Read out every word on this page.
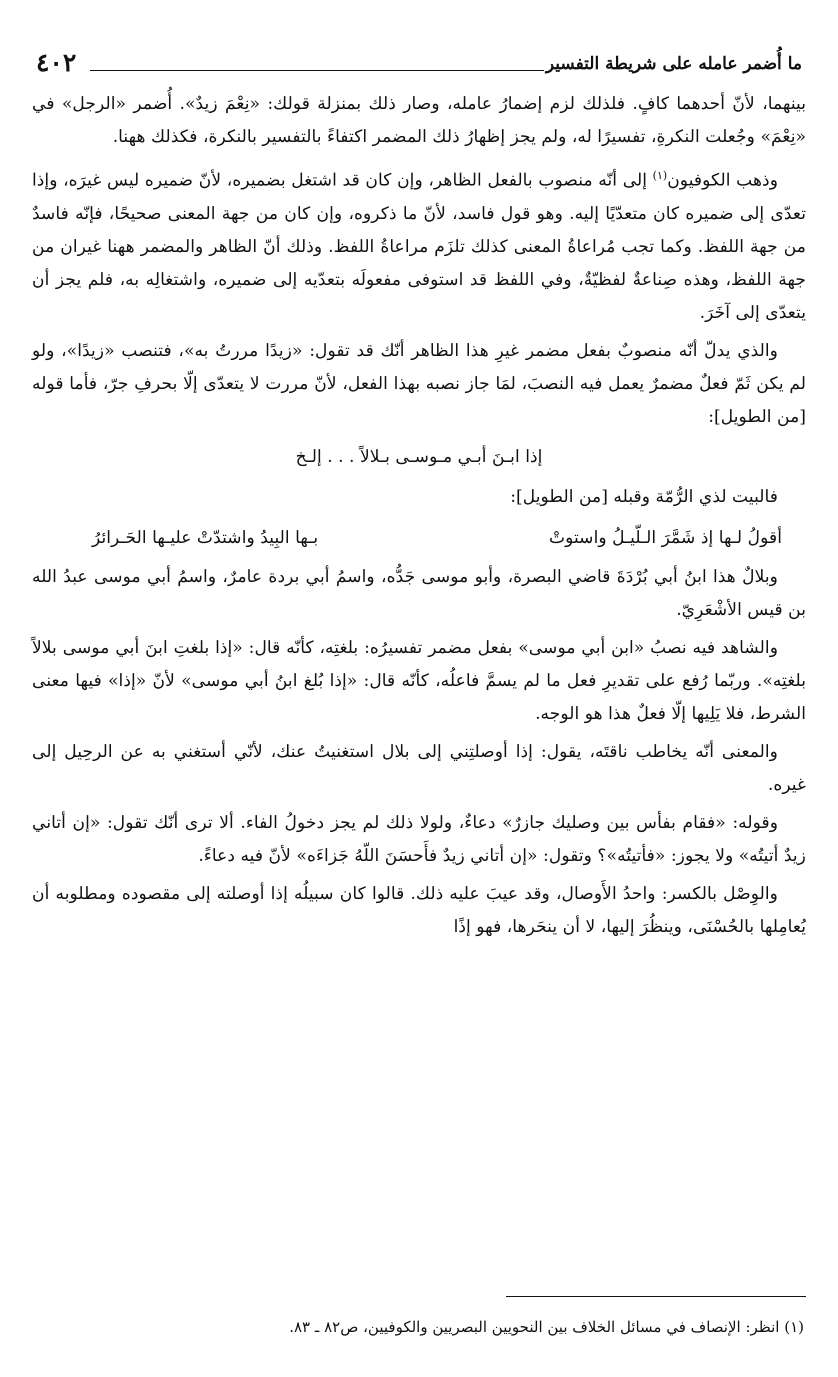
ما أُضمر عامله على شريطة التفسير
٤٠٢

بينهما، لأنّ أحدهما كافٍ. فلذلك لزم إضمارُ عامله، وصار ذلك بمنزلة قولك: «نِعْمَ زيدٌ». أُضمر «الرجل» في «نِعْمَ» وجُعلت النكرةِ، تفسيرًا له، ولم يجز إظهارُ ذلك المضمر اكتفاءً بالتفسير بالنكرة، فكذلك ههنا.

وذهب الكوفيون$^{(١)}$ إلى أنّه منصوب بالفعل الظاهر، وإن كان قد اشتغل بضميره، لأنّ ضميره ليس غيرَه، وإذا تعدّى إلى ضميره كان متعدّيًا إليه. وهو قول فاسد، لأنّ ما ذكروه، وإن كان من جهة المعنى صحيحًا، فإنّه فاسدٌ من جهة اللفظ. وكما تجب مُراعاةُ المعنى كذلك تلزَم مراعاةُ اللفظ. وذلك أنّ الظاهر والمضمر ههنا غيران من جهة اللفظ، وهذه صِناعةٌ لفظيّةٌ، وفي اللفظ قد استوفى مفعولَه بتعدّيه إلى ضميره، واشتغالِه به، فلم يجز أن يتعدّى إلى آخَرَ.

والذي يدلّ أنّه منصوبٌ بفعل مضمر غيرِ هذا الظاهر أنّك قد تقول: «زيدًا مررتُ به»، فتنصب «زيدًا»، ولو لم يكن ثَمّ فعلٌ مضمرٌ يعمل فيه النصبَ، لمَا جاز نصبه بهذا الفعل، لأنّ مررت لا يتعدّى إلّا بحرفِ جرّ، فأما قوله [من الطويل]:

إذا ابـنَ أبـي مـوسـى بـلالاً . . . إلـخ

فالبيت لذي الرُّمّة وقبله [من الطويل]:

أقولُ لـها إذ شَمَّرَ الـلّيـلُ واستوتْ
بـها البِيدُ واشتدّتْ عليـها الحَـرائرُ

وبلالٌ هذا ابنُ أبي بُرْدَةَ قاضي البصرة، وأبو موسى جَدُّه، واسمُ أبي بردة عامرٌ، واسمُ أبي موسى عبدُ الله بن قيس الأشْعَرِيّ.

والشاهد فيه نصبُ «ابن أبي موسى» بفعل مضمر تفسيرُه: بلغتِه، كأنّه قال: «إذا بلغتِ ابنَ أبي موسى بلالاً بلغتِه». وربّما رُفع على تقديرِ فعل ما لم يسمَّ فاعلُه، كأنّه قال: «إذا بُلغ ابنُ أبي موسى» لأنّ «إذا» فيها معنى الشرط، فلا يَلِيها إلّا فعلٌ هذا هو الوجه.

والمعنى أنّه يخاطب ناقتَه، يقول: إذا أوصلتِني إلى بلال استغنيتُ عنك، لأنّي أستغني به عن الرحِيل إلى غيره.

وقوله: «فقام بفأس بين وصليك جازرٌ» دعاءٌ، ولولا ذلك لم يجز دخولُ الفاء. ألا ترى أنّك تقول: «إن أتاني زيدٌ أتيتُه» ولا يجوز: «فأتيتُه»؟ وتقول: «إن أتاني زيدٌ فأَحسَنَ اللّهُ جَزاءَه» لأنّ فيه دعاءً.

والوِصْل بالكسر: واحدُ الأَوصال، وقد عيبَ عليه ذلك. قالوا كان سبيلُه إذا أوصلته إلى مقصوده ومطلوبه أن يُعامِلها بالحُسْنَى، وينظُرَ إليها، لا أن ينحَرها، فهو إذًا

(١) انظر: الإنصاف في مسائل الخلاف بين النحويين البصريين والكوفيين، ص٨٢ ـ ٨٣.
